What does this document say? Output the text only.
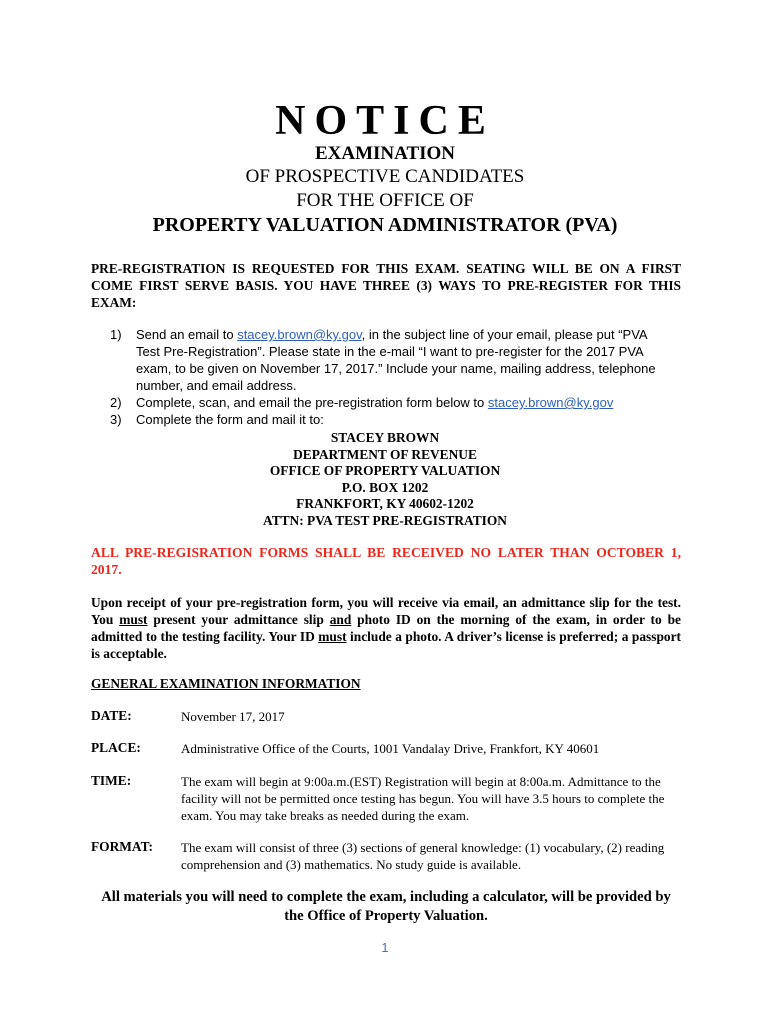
NOTICE
EXAMINATION
OF PROSPECTIVE CANDIDATES
FOR THE OFFICE OF
PROPERTY VALUATION ADMINISTRATOR (PVA)
PRE-REGISTRATION IS REQUESTED FOR THIS EXAM. SEATING WILL BE ON A FIRST COME FIRST SERVE BASIS. YOU HAVE THREE (3) WAYS TO PRE-REGISTER FOR THIS EXAM:
1) Send an email to stacey.brown@ky.gov, in the subject line of your email, please put “PVA Test Pre-Registration”. Please state in the e-mail “I want to pre-register for the 2017 PVA exam, to be given on November 17, 2017.” Include your name, mailing address, telephone number, and email address.
2) Complete, scan, and email the pre-registration form below to stacey.brown@ky.gov
3) Complete the form and mail it to:
STACEY BROWN
DEPARTMENT OF REVENUE
OFFICE OF PROPERTY VALUATION
P.O. BOX 1202
FRANKFORT, KY 40602-1202
ATTN: PVA TEST PRE-REGISTRATION
ALL PRE-REGISRATION FORMS SHALL BE RECEIVED NO LATER THAN OCTOBER 1, 2017.
Upon receipt of your pre-registration form, you will receive via email, an admittance slip for the test. You must present your admittance slip and photo ID on the morning of the exam, in order to be admitted to the testing facility. Your ID must include a photo. A driver’s license is preferred; a passport is acceptable.
GENERAL EXAMINATION INFORMATION
DATE:	November 17, 2017
PLACE:	Administrative Office of the Courts, 1001 Vandalay Drive, Frankfort, KY 40601
TIME:	The exam will begin at 9:00a.m.(EST) Registration will begin at 8:00a.m. Admittance to the facility will not be permitted once testing has begun. You will have 3.5 hours to complete the exam. You may take breaks as needed during the exam.
FORMAT: The exam will consist of three (3) sections of general knowledge: (1) vocabulary, (2) reading comprehension and (3) mathematics. No study guide is available.
All materials you will need to complete the exam, including a calculator, will be provided by the Office of Property Valuation.
1
